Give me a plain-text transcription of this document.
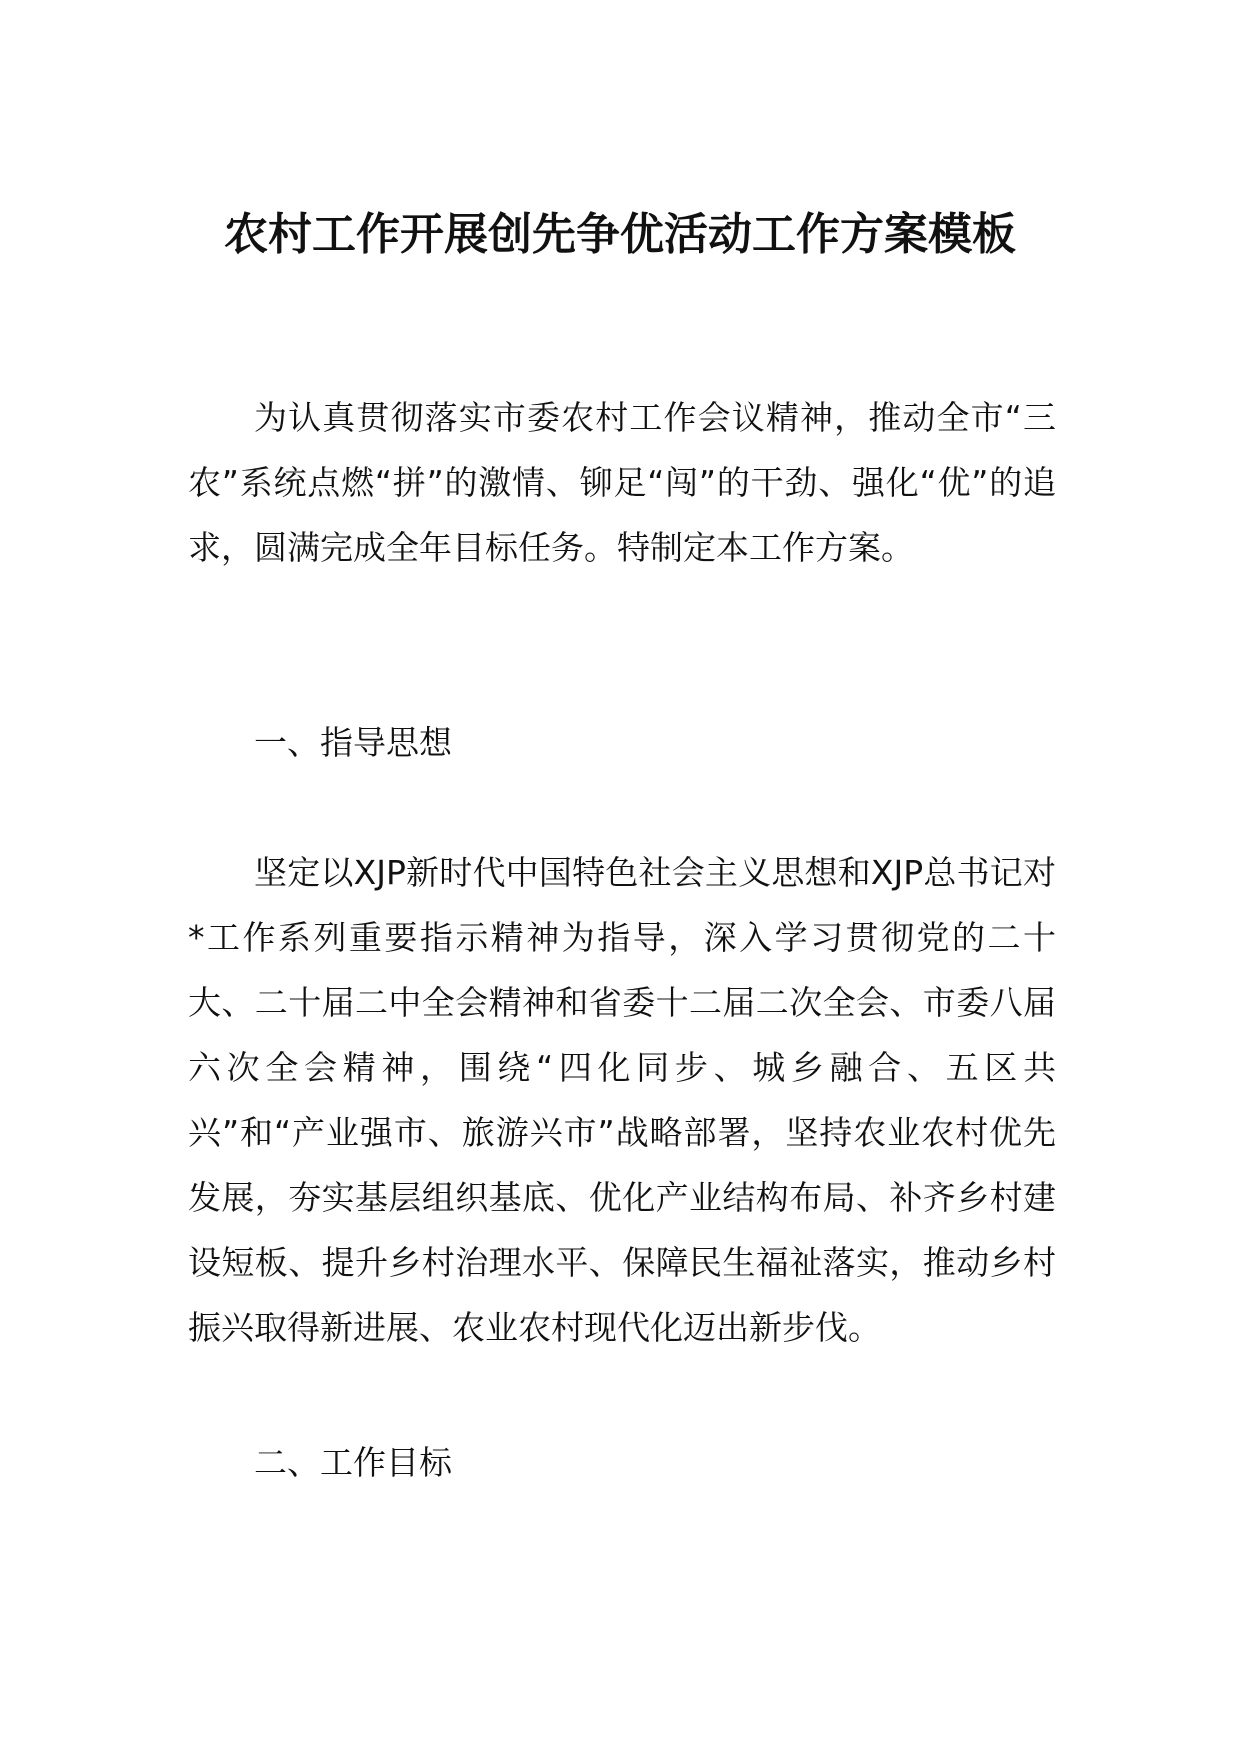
农村工作开展创先争优活动工作方案模板

为认真贯彻落实市委农村工作会议精神，推动全市“三农”系统点燃“拼”的激情、铆足“闯”的干劲、强化“优”的追求，圆满完成全年目标任务。特制定本工作方案。

一、指导思想

坚定以XJP新时代中国特色社会主义思想和XJP总书记对*工作系列重要指示精神为指导，深入学习贯彻党的二十大、二十届二中全会精神和省委十二届二次全会、市委八届六次全会精神，围绕“四化同步、城乡融合、五区共兴”和“产业强市、旅游兴市”战略部署，坚持农业农村优先发展，夯实基层组织基底、优化产业结构布局、补齐乡村建设短板、提升乡村治理水平、保障民生福祉落实，推动乡村振兴取得新进展、农业农村现代化迈出新步伐。

二、工作目标
